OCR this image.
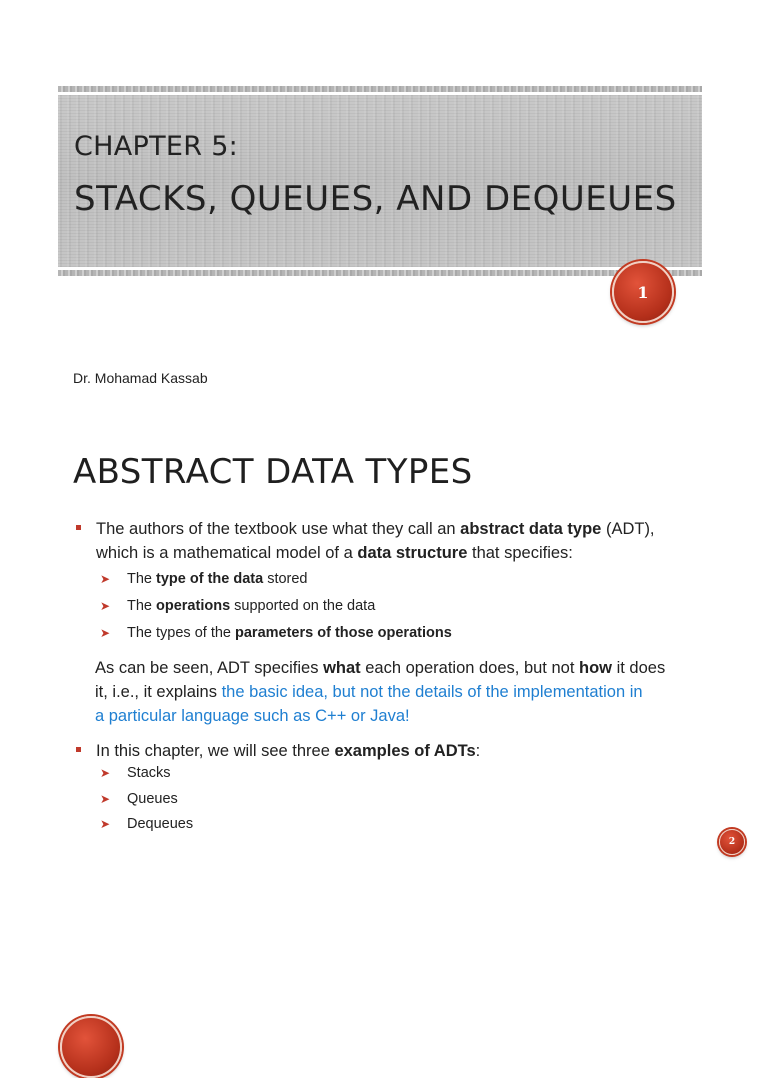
CHAPTER 5:
STACKS, QUEUES, AND DEQUEUES
1
Dr. Mohamad Kassab
ABSTRACT DATA TYPES
The authors of the textbook use what they call an abstract data type (ADT),
which is a mathematical model of a data structure that specifies:
➤ The type of the data stored
➤ The operations supported on the data
➤ The types of the parameters of those operations
As can be seen, ADT specifies what each operation does, but not how it does
it, i.e., it explains the basic idea, but not the details of the implementation in
a particular language such as C++ or Java!
In this chapter, we will see three examples of ADTs:
➤ Stacks
➤ Queues
➤ Dequeues
2
